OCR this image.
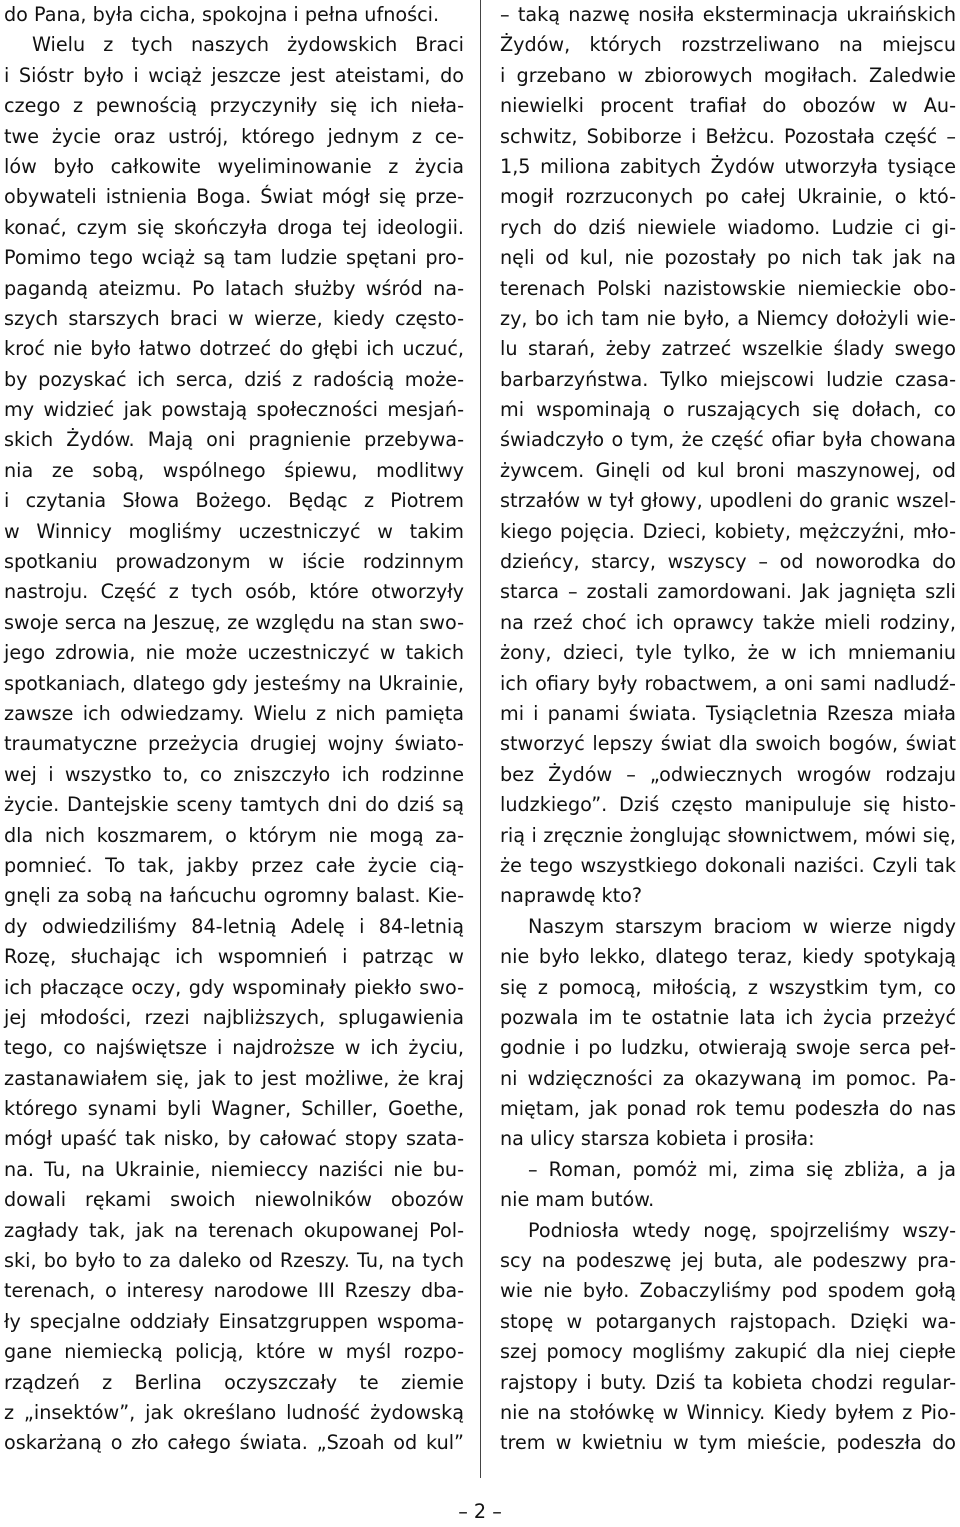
do Pana, była cicha, spokojna i pełna ufności.
Wielu z tych naszych żydowskich Braci
i Sióstr było i wciąż jeszcze jest ateistami, do
czego z pewnością przyczyniły się ich nieła-
twe życie oraz ustrój, którego jednym z ce-
lów było całkowite wyeliminowanie z życia
obywateli istnienia Boga. Świat mógł się prze-
konać, czym się skończyła droga tej ideologii.
Pomimo tego wciąż są tam ludzie spętani pro-
pagandą ateizmu. Po latach służby wśród na-
szych starszych braci w wierze, kiedy często-
kroć nie było łatwo dotrzeć do głębi ich uczuć,
by pozyskać ich serca, dziś z radością może-
my widzieć jak powstają społeczności mesjań-
skich Żydów. Mają oni pragnienie przebywa-
nia ze sobą, wspólnego śpiewu, modlitwy
i czytania Słowa Bożego. Będąc z Piotrem
w Winnicy mogliśmy uczestniczyć w takim
spotkaniu prowadzonym w iście rodzinnym
nastroju. Część z tych osób, które otworzyły
swoje serca na Jeszuę, ze względu na stan swo-
jego zdrowia, nie może uczestniczyć w takich
spotkaniach, dlatego gdy jesteśmy na Ukrainie,
zawsze ich odwiedzamy. Wielu z nich pamięta
traumatyczne przeżycia drugiej wojny świato-
wej i wszystko to, co zniszczyło ich rodzinne
życie. Dantejskie sceny tamtych dni do dziś są
dla nich koszmarem, o którym nie mogą za-
pomnieć. To tak, jakby przez całe życie cią-
gnęli za sobą na łańcuchu ogromny balast. Kie-
dy odwiedziliśmy 84-letnią Adelę i 84-letnią
Rozę, słuchając ich wspomnień i patrząc w
ich płaczące oczy, gdy wspominały piekło swo-
jej młodości, rzezi najbliższych, splugawienia
tego, co najświętsze i najdroższe w ich życiu,
zastanawiałem się, jak to jest możliwe, że kraj
którego synami byli Wagner, Schiller, Goethe,
mógł upaść tak nisko, by całować stopy szata-
na. Tu, na Ukrainie, niemieccy naziści nie bu-
dowali rękami swoich niewolników obozów
zagłady tak, jak na terenach okupowanej Pol-
ski, bo było to za daleko od Rzeszy. Tu, na tych
terenach, o interesy narodowe III Rzeszy dba-
ły specjalne oddziały Einsatzgruppen wspoma-
gane niemiecką policją, które w myśl rozpo-
rządzeń z Berlina oczyszczały te ziemie
z „insektów”, jak określano ludność żydowską
oskarżaną o zło całego świata. „Szoah od kul”
– taką nazwę nosiła eksterminacja ukraińskich
Żydów, których rozstrzeliwano na miejscu
i grzebano w zbiorowych mogiłach. Zaledwie
niewielki procent trafiał do obozów w Au-
schwitz, Sobiborze i Bełżcu. Pozostała część –
1,5 miliona zabitych Żydów utworzyła tysiące
mogił rozrzuconych po całej Ukrainie, o któ-
rych do dziś niewiele wiadomo. Ludzie ci gi-
nęli od kul, nie pozostały po nich tak jak na
terenach Polski nazistowskie niemieckie obo-
zy, bo ich tam nie było, a Niemcy dołożyli wie-
lu starań, żeby zatrzeć wszelkie ślady swego
barbarzyństwa. Tylko miejscowi ludzie czasa-
mi wspominają o ruszających się dołach, co
świadczyło o tym, że część ofiar była chowana
żywcem. Ginęli od kul broni maszynowej, od
strzałów w tył głowy, upodleni do granic wszel-
kiego pojęcia. Dzieci, kobiety, mężczyźni, mło-
dzieńcy, starcy, wszyscy – od noworodka do
starca – zostali zamordowani. Jak jagnięta szli
na rzeź choć ich oprawcy także mieli rodziny,
żony, dzieci, tyle tylko, że w ich mniemaniu
ich ofiary były robactwem, a oni sami nadludź-
mi i panami świata. Tysiącletnia Rzesza miała
stworzyć lepszy świat dla swoich bogów, świat
bez Żydów – „odwiecznych wrogów rodzaju
ludzkiego”. Dziś często manipuluje się histo-
rią i zręcznie żonglując słownictwem, mówi się,
że tego wszystkiego dokonali naziści. Czyli tak
naprawdę kto?
Naszym starszym braciom w wierze nigdy
nie było lekko, dlatego teraz, kiedy spotykają
się z pomocą, miłością, z wszystkim tym, co
pozwala im te ostatnie lata ich życia przeżyć
godnie i po ludzku, otwierają swoje serca peł-
ni wdzięczności za okazywaną im pomoc. Pa-
miętam, jak ponad rok temu podeszła do nas
na ulicy starsza kobieta i prosiła:
– Roman, pomóż mi, zima się zbliża, a ja
nie mam butów.
Podniosła wtedy nogę, spojrzeliśmy wszy-
scy na podeszwę jej buta, ale podeszwy pra-
wie nie było. Zobaczyliśmy pod spodem gołą
stopę w potarganych rajstopach. Dzięki wa-
szej pomocy mogliśmy zakupić dla niej ciepłe
rajstopy i buty. Dziś ta kobieta chodzi regular-
nie na stołówkę w Winnicy. Kiedy byłem z Pio-
trem w kwietniu w tym mieście, podeszła do
– 2 –
